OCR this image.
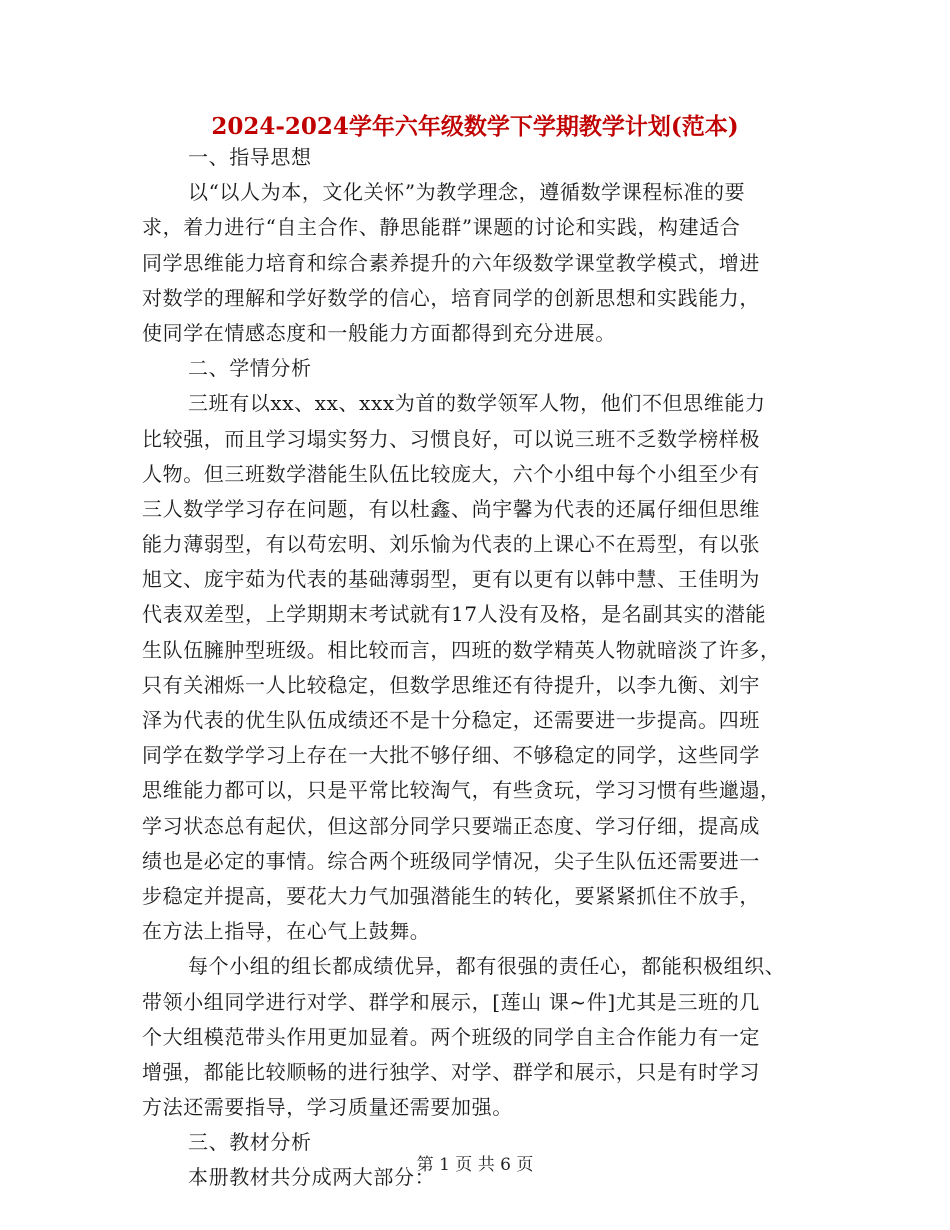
2024-2024学年六年级数学下学期教学计划(范本)
一、指导思想
以“以人为本，文化关怀”为教学理念，遵循数学课程标准的要
求，着力进行“自主合作、静思能群”课题的讨论和实践，构建适合
同学思维能力培育和综合素养提升的六年级数学课堂教学模式，增进
对数学的理解和学好数学的信心，培育同学的创新思想和实践能力，
使同学在情感态度和一般能力方面都得到充分进展。
二、学情分析
三班有以xx、xx、xxx为首的数学领军人物，他们不但思维能力
比较强，而且学习塌实努力、习惯良好，可以说三班不乏数学榜样极
人物。但三班数学潜能生队伍比较庞大，六个小组中每个小组至少有
三人数学学习存在问题，有以杜鑫、尚宇馨为代表的还属仔细但思维
能力薄弱型，有以苟宏明、刘乐愉为代表的上课心不在焉型，有以张
旭文、庞宇茹为代表的基础薄弱型，更有以更有以韩中慧、王佳明为
代表双差型，上学期期末考试就有17人没有及格，是名副其实的潜能
生队伍臃肿型班级。相比较而言，四班的数学精英人物就暗淡了许多，
只有关湘烁一人比较稳定，但数学思维还有待提升，以李九衡、刘宇
泽为代表的优生队伍成绩还不是十分稳定，还需要进一步提高。四班
同学在数学学习上存在一大批不够仔细、不够稳定的同学，这些同学
思维能力都可以，只是平常比较淘气，有些贪玩，学习习惯有些邋遢，
学习状态总有起伏，但这部分同学只要端正态度、学习仔细，提高成
绩也是必定的事情。综合两个班级同学情况，尖子生队伍还需要进一
步稳定并提高，要花大力气加强潜能生的转化，要紧紧抓住不放手，
在方法上指导，在心气上鼓舞。
每个小组的组长都成绩优异，都有很强的责任心，都能积极组织、
带领小组同学进行对学、群学和展示，[莲山 课~件]尤其是三班的几
个大组模范带头作用更加显着。两个班级的同学自主合作能力有一定
增强，都能比较顺畅的进行独学、对学、群学和展示，只是有时学习
方法还需要指导，学习质量还需要加强。
三、教材分析
本册教材共分成两大部分：
第 1 页 共 6 页
